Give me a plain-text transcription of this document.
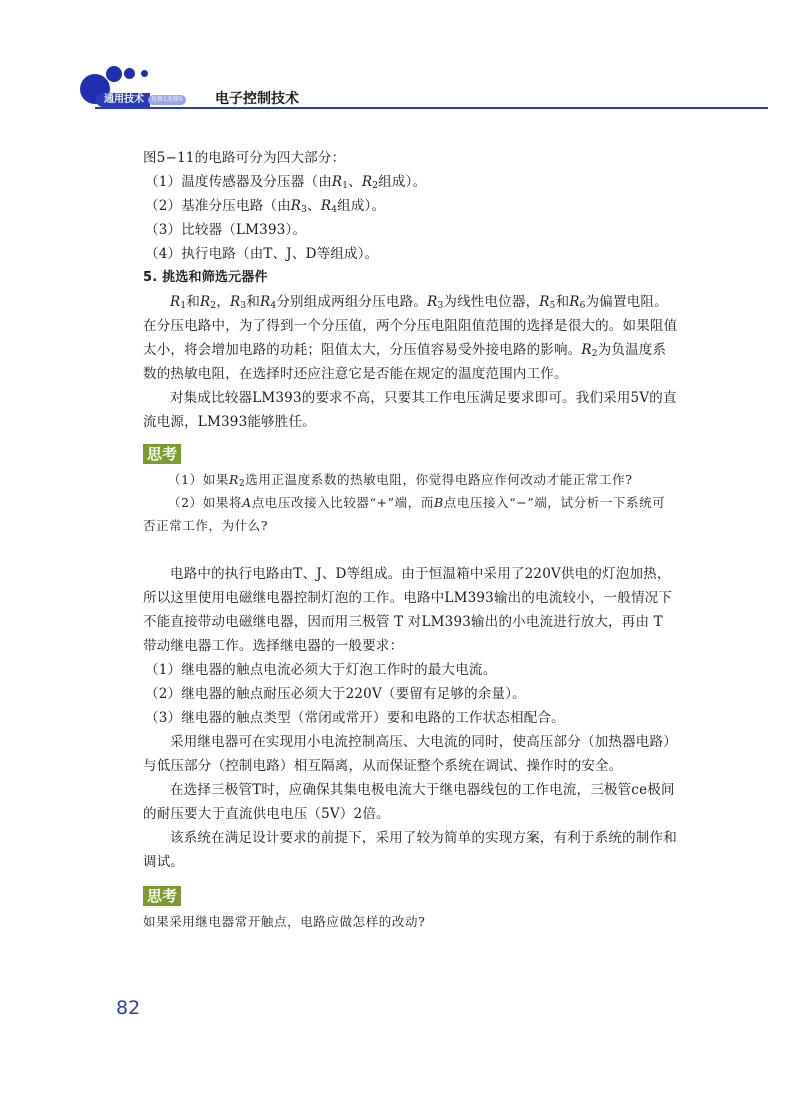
通用技术	选修1选修5 电子控制技术

图5−11的电路可分为四大部分：

（1）温度传感器及分压器（由$R_1$、$R_2$组成）。

（2）基准分压电路（由$R_3$、$R_4$组成）。

（3）比较器（LM393）。

（4）执行电路（由T、J、D等组成）。

5. 挑选和筛选元器件

$R_1$和$R_2$，$R_3$和$R_4$分别组成两组分压电路。$R_3$为线性电位器，$R_5$和$R_6$为偏置电阻。在分压电路中，为了得到一个分压值，两个分压电阻阻值范围的选择是很大的。如果阻值太小，将会增加电路的功耗；阻值太大，分压值容易受外接电路的影响。$R_2$为负温度系数的热敏电阻，在选择时还应注意它是否能在规定的温度范围内工作。

对集成比较器LM393的要求不高，只要其工作电压满足要求即可。我们采用5V的直流电源，LM393能够胜任。

思考

（1）如果$R_2$选用正温度系数的热敏电阻，你觉得电路应作何改动才能正常工作?

（2）如果将A点电压改接入比较器“+”端，而B点电压接入“−”端，试分析一下系统可否正常工作，为什么?

电路中的执行电路由T、J、D等组成。由于恒温箱中采用了220V供电的灯泡加热，所以这里使用电磁继电器控制灯泡的工作。电路中LM393输出的电流较小，一般情况下不能直接带动电磁继电器，因而用三极管 T 对LM393输出的小电流进行放大，再由 T 带动继电器工作。选择继电器的一般要求：

（1）继电器的触点电流必须大于灯泡工作时的最大电流。

（2）继电器的触点耐压必须大于220V（要留有足够的余量）。

（3）继电器的触点类型（常闭或常开）要和电路的工作状态相配合。

采用继电器可在实现用小电流控制高压、大电流的同时，使高压部分（加热器电路）与低压部分（控制电路）相互隔离，从而保证整个系统在调试、操作时的安全。

在选择三极管T时，应确保其集电极电流大于继电器线包的工作电流，三极管ce极间的耐压要大于直流供电电压（5V）2倍。

该系统在满足设计要求的前提下，采用了较为简单的实现方案，有利于系统的制作和调试。

思考

如果采用继电器常开触点，电路应做怎样的改动?

82
